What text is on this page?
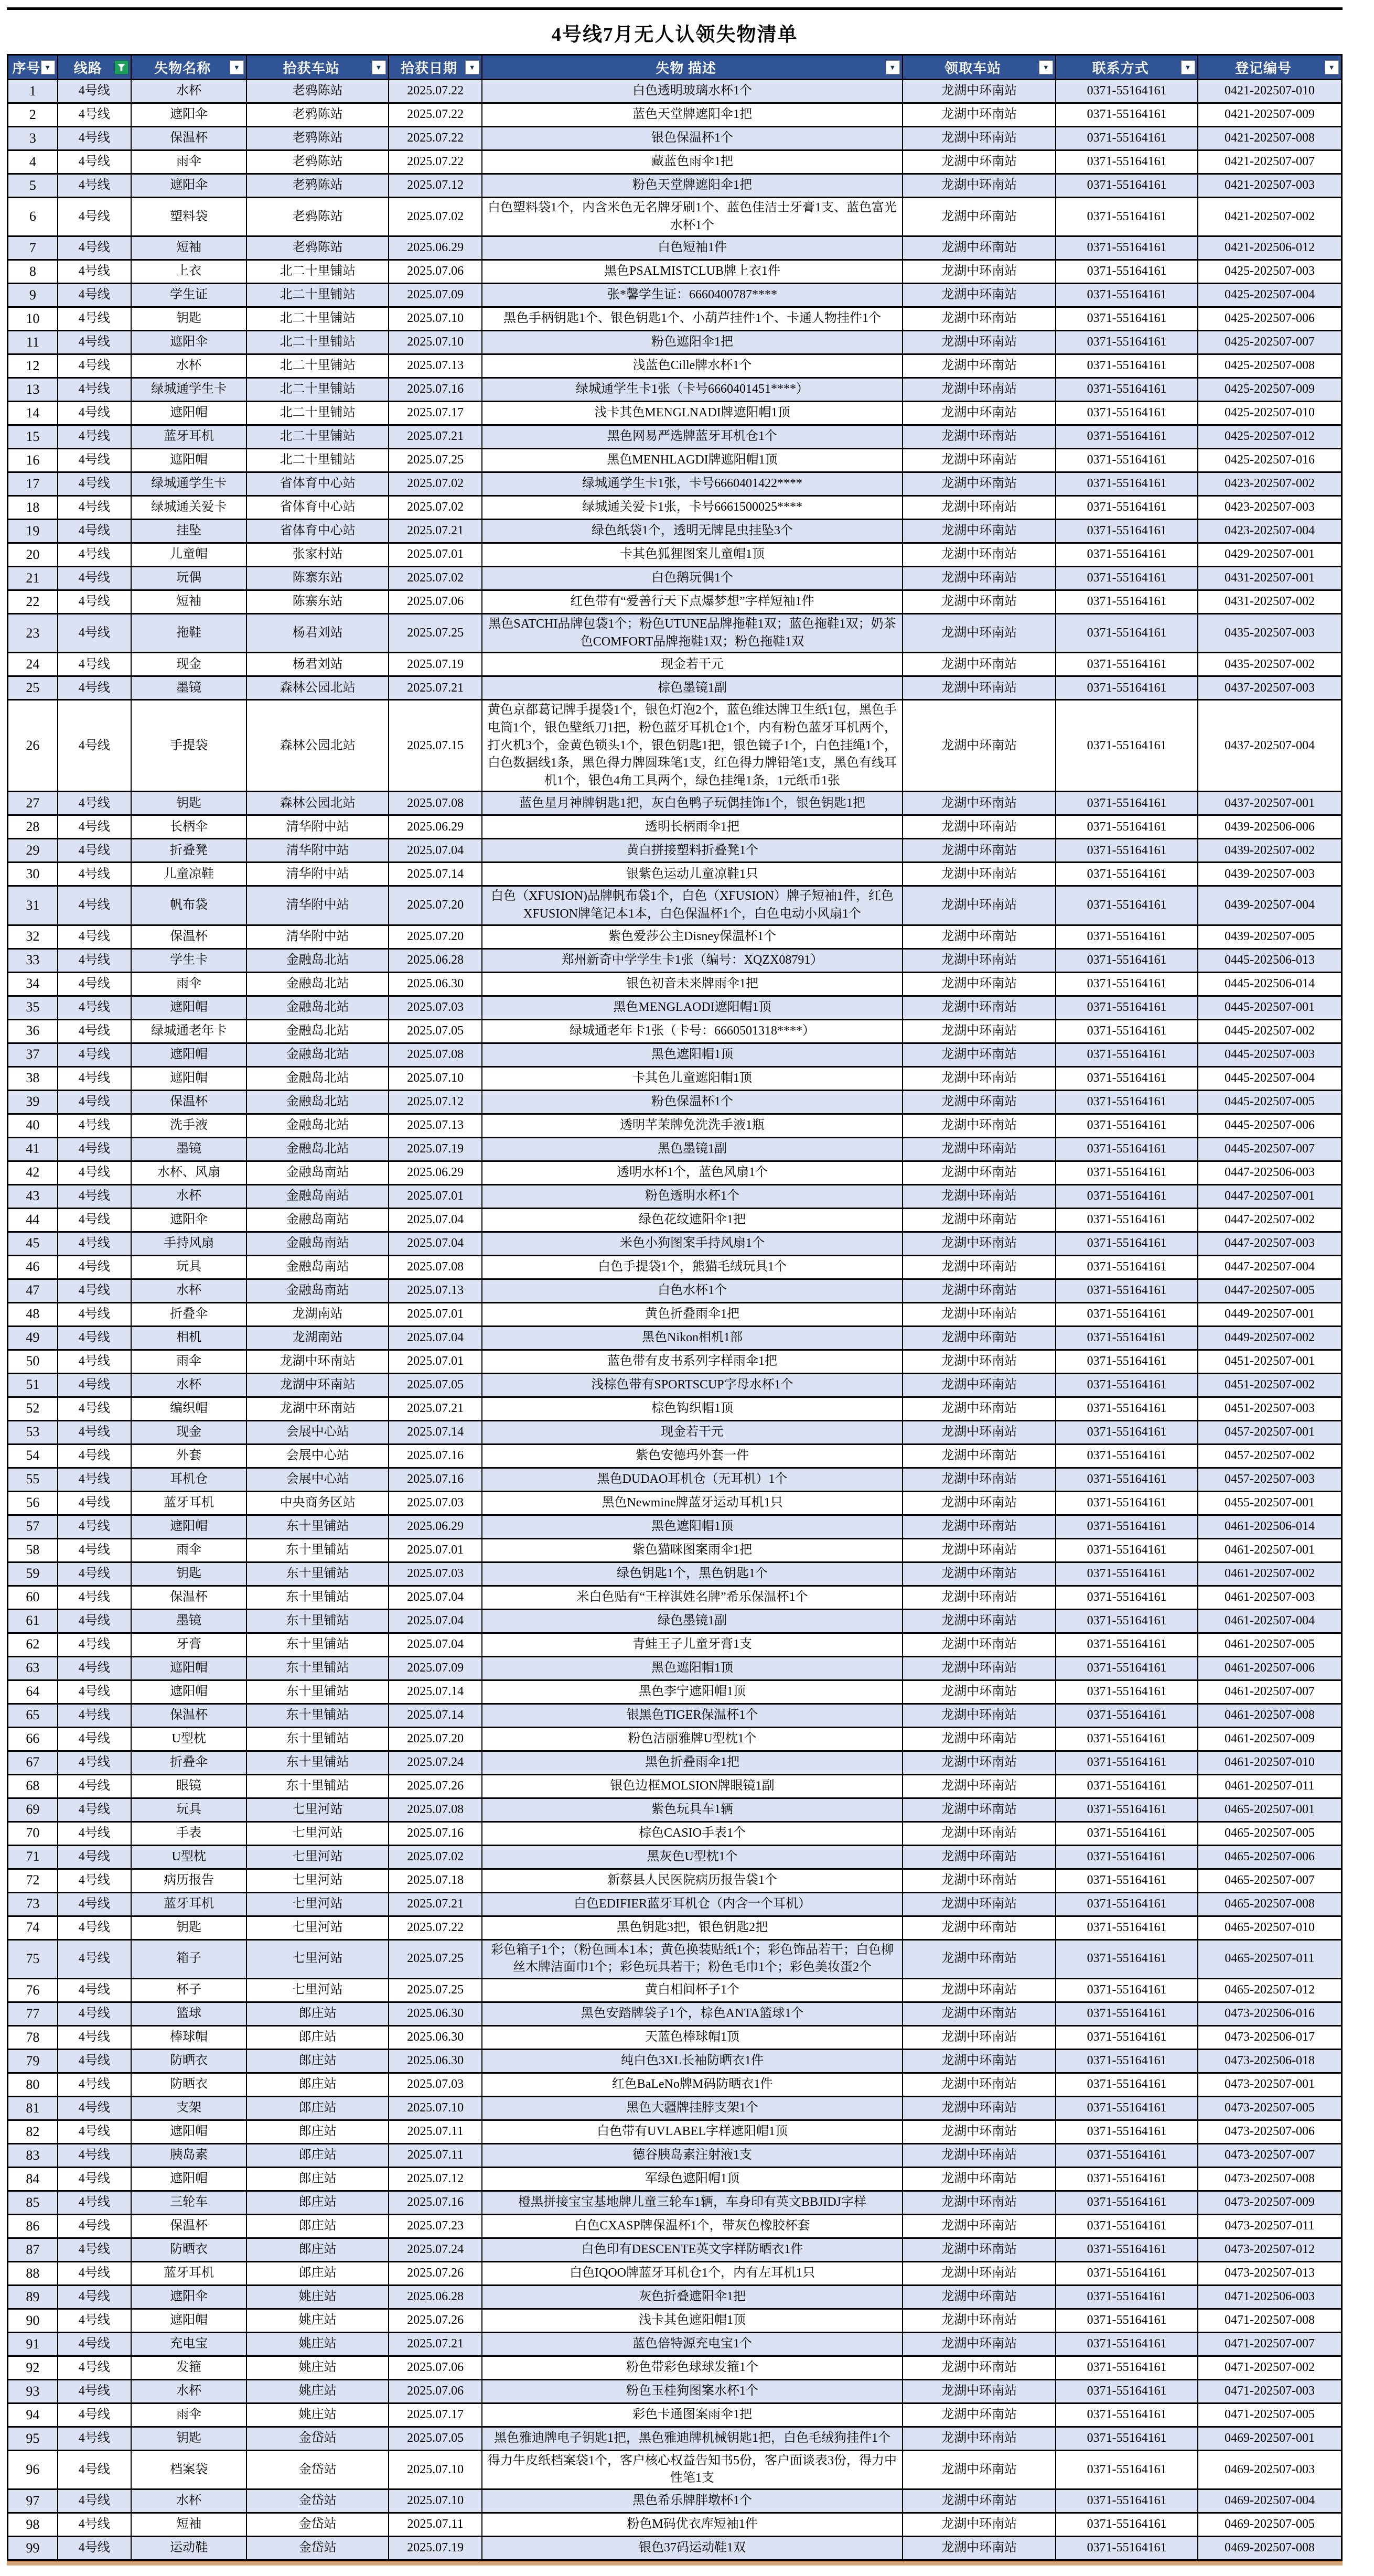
4号线7月无人认领失物清单
序号 ▼	线路	失物名称 ▼	拾获车站 ▼	拾获日期 ▼	失物 描述 ▼	领取车站 ▼	联系方式 ▼	登记编号 ▼

1	4号线	水杯	老鸦陈站	2025.07.22	白色透明玻璃水杯1个	龙湖中环南站	0371-55164161	0421-202507-010
2	4号线	遮阳伞	老鸦陈站	2025.07.22	蓝色天堂牌遮阳伞1把	龙湖中环南站	0371-55164161	0421-202507-009
3	4号线	保温杯	老鸦陈站	2025.07.22	银色保温杯1个	龙湖中环南站	0371-55164161	0421-202507-008
4	4号线	雨伞	老鸦陈站	2025.07.22	藏蓝色雨伞1把	龙湖中环南站	0371-55164161	0421-202507-007
5	4号线	遮阳伞	老鸦陈站	2025.07.12	粉色天堂牌遮阳伞1把	龙湖中环南站	0371-55164161	0421-202507-003
6	4号线	塑料袋	老鸦陈站	2025.07.02	白色塑料袋1个，内含米色无名牌牙刷1个、蓝色佳洁士牙膏1支、蓝色富光水杯1个	龙湖中环南站	0371-55164161	0421-202507-002
7	4号线	短袖	老鸦陈站	2025.06.29	白色短袖1件	龙湖中环南站	0371-55164161	0421-202506-012
8	4号线	上衣	北二十里铺站	2025.07.06	黑色PSALMISTCLUB牌上衣1件	龙湖中环南站	0371-55164161	0425-202507-003
9	4号线	学生证	北二十里铺站	2025.07.09	张*馨学生证：6660400787****	龙湖中环南站	0371-55164161	0425-202507-004
10	4号线	钥匙	北二十里铺站	2025.07.10	黑色手柄钥匙1个、银色钥匙1个、小葫芦挂件1个、卡通人物挂件1个	龙湖中环南站	0371-55164161	0425-202507-006
11	4号线	遮阳伞	北二十里铺站	2025.07.10	粉色遮阳伞1把	龙湖中环南站	0371-55164161	0425-202507-007
12	4号线	水杯	北二十里铺站	2025.07.13	浅蓝色Cille牌水杯1个	龙湖中环南站	0371-55164161	0425-202507-008
13	4号线	绿城通学生卡	北二十里铺站	2025.07.16	绿城通学生卡1张（卡号6660401451****）	龙湖中环南站	0371-55164161	0425-202507-009
14	4号线	遮阳帽	北二十里铺站	2025.07.17	浅卡其色MENGLNADI牌遮阳帽1顶	龙湖中环南站	0371-55164161	0425-202507-010
15	4号线	蓝牙耳机	北二十里铺站	2025.07.21	黑色网易严选牌蓝牙耳机仓1个	龙湖中环南站	0371-55164161	0425-202507-012
16	4号线	遮阳帽	北二十里铺站	2025.07.25	黑色MENHLAGDI牌遮阳帽1顶	龙湖中环南站	0371-55164161	0425-202507-016
17	4号线	绿城通学生卡	省体育中心站	2025.07.02	绿城通学生卡1张，卡号6660401422****	龙湖中环南站	0371-55164161	0423-202507-002
18	4号线	绿城通关爱卡	省体育中心站	2025.07.02	绿城通关爱卡1张，卡号6661500025****	龙湖中环南站	0371-55164161	0423-202507-003
19	4号线	挂坠	省体育中心站	2025.07.21	绿色纸袋1个，透明无牌昆虫挂坠3个	龙湖中环南站	0371-55164161	0423-202507-004
20	4号线	儿童帽	张家村站	2025.07.01	卡其色狐狸图案儿童帽1顶	龙湖中环南站	0371-55164161	0429-202507-001
21	4号线	玩偶	陈寨东站	2025.07.02	白色鹅玩偶1个	龙湖中环南站	0371-55164161	0431-202507-001
22	4号线	短袖	陈寨东站	2025.07.06	红色带有“爱善行天下点爆梦想”字样短袖1件	龙湖中环南站	0371-55164161	0431-202507-002
23	4号线	拖鞋	杨君刘站	2025.07.25	黑色SATCHI品牌包袋1个；粉色UTUNE品牌拖鞋1双；蓝色拖鞋1双；奶茶色COMFORT品牌拖鞋1双；粉色拖鞋1双	龙湖中环南站	0371-55164161	0435-202507-003
24	4号线	现金	杨君刘站	2025.07.19	现金若干元	龙湖中环南站	0371-55164161	0435-202507-002
25	4号线	墨镜	森林公园北站	2025.07.21	棕色墨镜1副	龙湖中环南站	0371-55164161	0437-202507-003
26	4号线	手提袋	森林公园北站	2025.07.15	黄色京都葛记牌手提袋1个，银色灯泡2个，蓝色维达牌卫生纸1包，黑色手电筒1个，银色壁纸刀1把，粉色蓝牙耳机仓1个，内有粉色蓝牙耳机两个，打火机3个，金黄色锁头1个，银色钥匙1把，银色镜子1个，白色挂绳1个，白色数据线1条，黑色得力牌圆珠笔1支，红色得力牌铅笔1支，黑色有线耳机1个，银色4角工具两个，绿色挂绳1条，1元纸币1张	龙湖中环南站	0371-55164161	0437-202507-004
27	4号线	钥匙	森林公园北站	2025.07.08	蓝色星月神牌钥匙1把，灰白色鸭子玩偶挂饰1个，银色钥匙1把	龙湖中环南站	0371-55164161	0437-202507-001
28	4号线	长柄伞	清华附中站	2025.06.29	透明长柄雨伞1把	龙湖中环南站	0371-55164161	0439-202506-006
29	4号线	折叠凳	清华附中站	2025.07.04	黄白拼接塑料折叠凳1个	龙湖中环南站	0371-55164161	0439-202507-002
30	4号线	儿童凉鞋	清华附中站	2025.07.14	银紫色运动儿童凉鞋1只	龙湖中环南站	0371-55164161	0439-202507-003
31	4号线	帆布袋	清华附中站	2025.07.20	白色（XFUSION)品牌帆布袋1个，白色（XFUSION）牌子短袖1件，红色XFUSION牌笔记本1本，白色保温杯1个，白色电动小风扇1个	龙湖中环南站	0371-55164161	0439-202507-004
32	4号线	保温杯	清华附中站	2025.07.20	紫色爱莎公主Disney保温杯1个	龙湖中环南站	0371-55164161	0439-202507-005
33	4号线	学生卡	金融岛北站	2025.06.28	郑州新奇中学学生卡1张（编号：XQZX08791）	龙湖中环南站	0371-55164161	0445-202506-013
34	4号线	雨伞	金融岛北站	2025.06.30	银色初音未来牌雨伞1把	龙湖中环南站	0371-55164161	0445-202506-014
35	4号线	遮阳帽	金融岛北站	2025.07.03	黑色MENGLAODI遮阳帽1顶	龙湖中环南站	0371-55164161	0445-202507-001
36	4号线	绿城通老年卡	金融岛北站	2025.07.05	绿城通老年卡1张（卡号：6660501318****）	龙湖中环南站	0371-55164161	0445-202507-002
37	4号线	遮阳帽	金融岛北站	2025.07.08	黑色遮阳帽1顶	龙湖中环南站	0371-55164161	0445-202507-003
38	4号线	遮阳帽	金融岛北站	2025.07.10	卡其色儿童遮阳帽1顶	龙湖中环南站	0371-55164161	0445-202507-004
39	4号线	保温杯	金融岛北站	2025.07.12	粉色保温杯1个	龙湖中环南站	0371-55164161	0445-202507-005
40	4号线	洗手液	金融岛北站	2025.07.13	透明芊茉牌免洗洗手液1瓶	龙湖中环南站	0371-55164161	0445-202507-006
41	4号线	墨镜	金融岛北站	2025.07.19	黑色墨镜1副	龙湖中环南站	0371-55164161	0445-202507-007
42	4号线	水杯、风扇	金融岛南站	2025.06.29	透明水杯1个，蓝色风扇1个	龙湖中环南站	0371-55164161	0447-202506-003
43	4号线	水杯	金融岛南站	2025.07.01	粉色透明水杯1个	龙湖中环南站	0371-55164161	0447-202507-001
44	4号线	遮阳伞	金融岛南站	2025.07.04	绿色花纹遮阳伞1把	龙湖中环南站	0371-55164161	0447-202507-002
45	4号线	手持风扇	金融岛南站	2025.07.04	米色小狗图案手持风扇1个	龙湖中环南站	0371-55164161	0447-202507-003
46	4号线	玩具	金融岛南站	2025.07.08	白色手提袋1个，熊猫毛绒玩具1个	龙湖中环南站	0371-55164161	0447-202507-004
47	4号线	水杯	金融岛南站	2025.07.13	白色水杯1个	龙湖中环南站	0371-55164161	0447-202507-005
48	4号线	折叠伞	龙湖南站	2025.07.01	黄色折叠雨伞1把	龙湖中环南站	0371-55164161	0449-202507-001
49	4号线	相机	龙湖南站	2025.07.04	黑色Nikon相机1部	龙湖中环南站	0371-55164161	0449-202507-002
50	4号线	雨伞	龙湖中环南站	2025.07.01	蓝色带有皮书系列字样雨伞1把	龙湖中环南站	0371-55164161	0451-202507-001
51	4号线	水杯	龙湖中环南站	2025.07.05	浅棕色带有SPORTSCUP字母水杯1个	龙湖中环南站	0371-55164161	0451-202507-002
52	4号线	编织帽	龙湖中环南站	2025.07.21	棕色钩织帽1顶	龙湖中环南站	0371-55164161	0451-202507-003
53	4号线	现金	会展中心站	2025.07.14	现金若干元	龙湖中环南站	0371-55164161	0457-202507-001
54	4号线	外套	会展中心站	2025.07.16	紫色安德玛外套一件	龙湖中环南站	0371-55164161	0457-202507-002
55	4号线	耳机仓	会展中心站	2025.07.16	黑色DUDAO耳机仓（无耳机）1个	龙湖中环南站	0371-55164161	0457-202507-003
56	4号线	蓝牙耳机	中央商务区站	2025.07.03	黑色Newmine牌蓝牙运动耳机1只	龙湖中环南站	0371-55164161	0455-202507-001
57	4号线	遮阳帽	东十里铺站	2025.06.29	黑色遮阳帽1顶	龙湖中环南站	0371-55164161	0461-202506-014
58	4号线	雨伞	东十里铺站	2025.07.01	紫色猫咪图案雨伞1把	龙湖中环南站	0371-55164161	0461-202507-001
59	4号线	钥匙	东十里铺站	2025.07.03	绿色钥匙1个，黑色钥匙1个	龙湖中环南站	0371-55164161	0461-202507-002
60	4号线	保温杯	东十里铺站	2025.07.04	米白色贴有“王梓淇姓名牌”希乐保温杯1个	龙湖中环南站	0371-55164161	0461-202507-003
61	4号线	墨镜	东十里铺站	2025.07.04	绿色墨镜1副	龙湖中环南站	0371-55164161	0461-202507-004
62	4号线	牙膏	东十里铺站	2025.07.04	青蛙王子儿童牙膏1支	龙湖中环南站	0371-55164161	0461-202507-005
63	4号线	遮阳帽	东十里铺站	2025.07.09	黑色遮阳帽1顶	龙湖中环南站	0371-55164161	0461-202507-006
64	4号线	遮阳帽	东十里铺站	2025.07.14	黑色李宁遮阳帽1顶	龙湖中环南站	0371-55164161	0461-202507-007
65	4号线	保温杯	东十里铺站	2025.07.14	银黑色TIGER保温杯1个	龙湖中环南站	0371-55164161	0461-202507-008
66	4号线	U型枕	东十里铺站	2025.07.20	粉色洁丽雅牌U型枕1个	龙湖中环南站	0371-55164161	0461-202507-009
67	4号线	折叠伞	东十里铺站	2025.07.24	黑色折叠雨伞1把	龙湖中环南站	0371-55164161	0461-202507-010
68	4号线	眼镜	东十里铺站	2025.07.26	银色边框MOLSION牌眼镜1副	龙湖中环南站	0371-55164161	0461-202507-011
69	4号线	玩具	七里河站	2025.07.08	紫色玩具车1辆	龙湖中环南站	0371-55164161	0465-202507-001
70	4号线	手表	七里河站	2025.07.16	棕色CASIO手表1个	龙湖中环南站	0371-55164161	0465-202507-005
71	4号线	U型枕	七里河站	2025.07.02	黑灰色U型枕1个	龙湖中环南站	0371-55164161	0465-202507-006
72	4号线	病历报告	七里河站	2025.07.18	新蔡县人民医院病历报告袋1个	龙湖中环南站	0371-55164161	0465-202507-007
73	4号线	蓝牙耳机	七里河站	2025.07.21	白色EDIFIER蓝牙耳机仓（内含一个耳机）	龙湖中环南站	0371-55164161	0465-202507-008
74	4号线	钥匙	七里河站	2025.07.22	黑色钥匙3把，银色钥匙2把	龙湖中环南站	0371-55164161	0465-202507-010
75	4号线	箱子	七里河站	2025.07.25	彩色箱子1个；（粉色画本1本；黄色换装贴纸1个；彩色饰品若干；白色柳丝木牌洁面巾1个；彩色玩具若干；粉色毛巾1个；彩色美妆蛋2个	龙湖中环南站	0371-55164161	0465-202507-011
76	4号线	杯子	七里河站	2025.07.25	黄白相间杯子1个	龙湖中环南站	0371-55164161	0465-202507-012
77	4号线	篮球	郎庄站	2025.06.30	黑色安踏牌袋子1个，棕色ANTA篮球1个	龙湖中环南站	0371-55164161	0473-202506-016
78	4号线	棒球帽	郎庄站	2025.06.30	天蓝色棒球帽1顶	龙湖中环南站	0371-55164161	0473-202506-017
79	4号线	防晒衣	郎庄站	2025.06.30	纯白色3XL长袖防晒衣1件	龙湖中环南站	0371-55164161	0473-202506-018
80	4号线	防晒衣	郎庄站	2025.07.03	红色BaLeNo牌M码防晒衣1件	龙湖中环南站	0371-55164161	0473-202507-001
81	4号线	支架	郎庄站	2025.07.10	黑色大疆牌挂脖支架1个	龙湖中环南站	0371-55164161	0473-202507-005
82	4号线	遮阳帽	郎庄站	2025.07.11	白色带有UVLABEL字样遮阳帽1顶	龙湖中环南站	0371-55164161	0473-202507-006
83	4号线	胰岛素	郎庄站	2025.07.11	德谷胰岛素注射液1支	龙湖中环南站	0371-55164161	0473-202507-007
84	4号线	遮阳帽	郎庄站	2025.07.12	军绿色遮阳帽1顶	龙湖中环南站	0371-55164161	0473-202507-008
85	4号线	三轮车	郎庄站	2025.07.16	橙黑拼接宝宝基地牌儿童三轮车1辆，车身印有英文BBJIDJ字样	龙湖中环南站	0371-55164161	0473-202507-009
86	4号线	保温杯	郎庄站	2025.07.23	白色CXASP牌保温杯1个，带灰色橡胶杯套	龙湖中环南站	0371-55164161	0473-202507-011
87	4号线	防晒衣	郎庄站	2025.07.24	白色印有DESCENTE英文字样防晒衣1件	龙湖中环南站	0371-55164161	0473-202507-012
88	4号线	蓝牙耳机	郎庄站	2025.07.26	白色IQOO牌蓝牙耳机仓1个，内有左耳机1只	龙湖中环南站	0371-55164161	0473-202507-013
89	4号线	遮阳伞	姚庄站	2025.06.28	灰色折叠遮阳伞1把	龙湖中环南站	0371-55164161	0471-202506-003
90	4号线	遮阳帽	姚庄站	2025.07.26	浅卡其色遮阳帽1顶	龙湖中环南站	0371-55164161	0471-202507-008
91	4号线	充电宝	姚庄站	2025.07.21	蓝色倍特源充电宝1个	龙湖中环南站	0371-55164161	0471-202507-007
92	4号线	发箍	姚庄站	2025.07.06	粉色带彩色球球发箍1个	龙湖中环南站	0371-55164161	0471-202507-002
93	4号线	水杯	姚庄站	2025.07.06	粉色玉桂狗图案水杯1个	龙湖中环南站	0371-55164161	0471-202507-003
94	4号线	雨伞	姚庄站	2025.07.17	彩色卡通图案雨伞1把	龙湖中环南站	0371-55164161	0471-202507-005
95	4号线	钥匙	金岱站	2025.07.05	黑色雅迪牌电子钥匙1把，黑色雅迪牌机械钥匙1把，白色毛绒狗挂件1个	龙湖中环南站	0371-55164161	0469-202507-001
96	4号线	档案袋	金岱站	2025.07.10	得力牛皮纸档案袋1个，客户核心权益告知书5份，客户面谈表3份，得力中性笔1支	龙湖中环南站	0371-55164161	0469-202507-003
97	4号线	水杯	金岱站	2025.07.10	黑色希乐牌胖墩杯1个	龙湖中环南站	0371-55164161	0469-202507-004
98	4号线	短袖	金岱站	2025.07.11	粉色M码优衣库短袖1件	龙湖中环南站	0371-55164161	0469-202507-005
99	4号线	运动鞋	金岱站	2025.07.19	银色37码运动鞋1双	龙湖中环南站	0371-55164161	0469-202507-008
